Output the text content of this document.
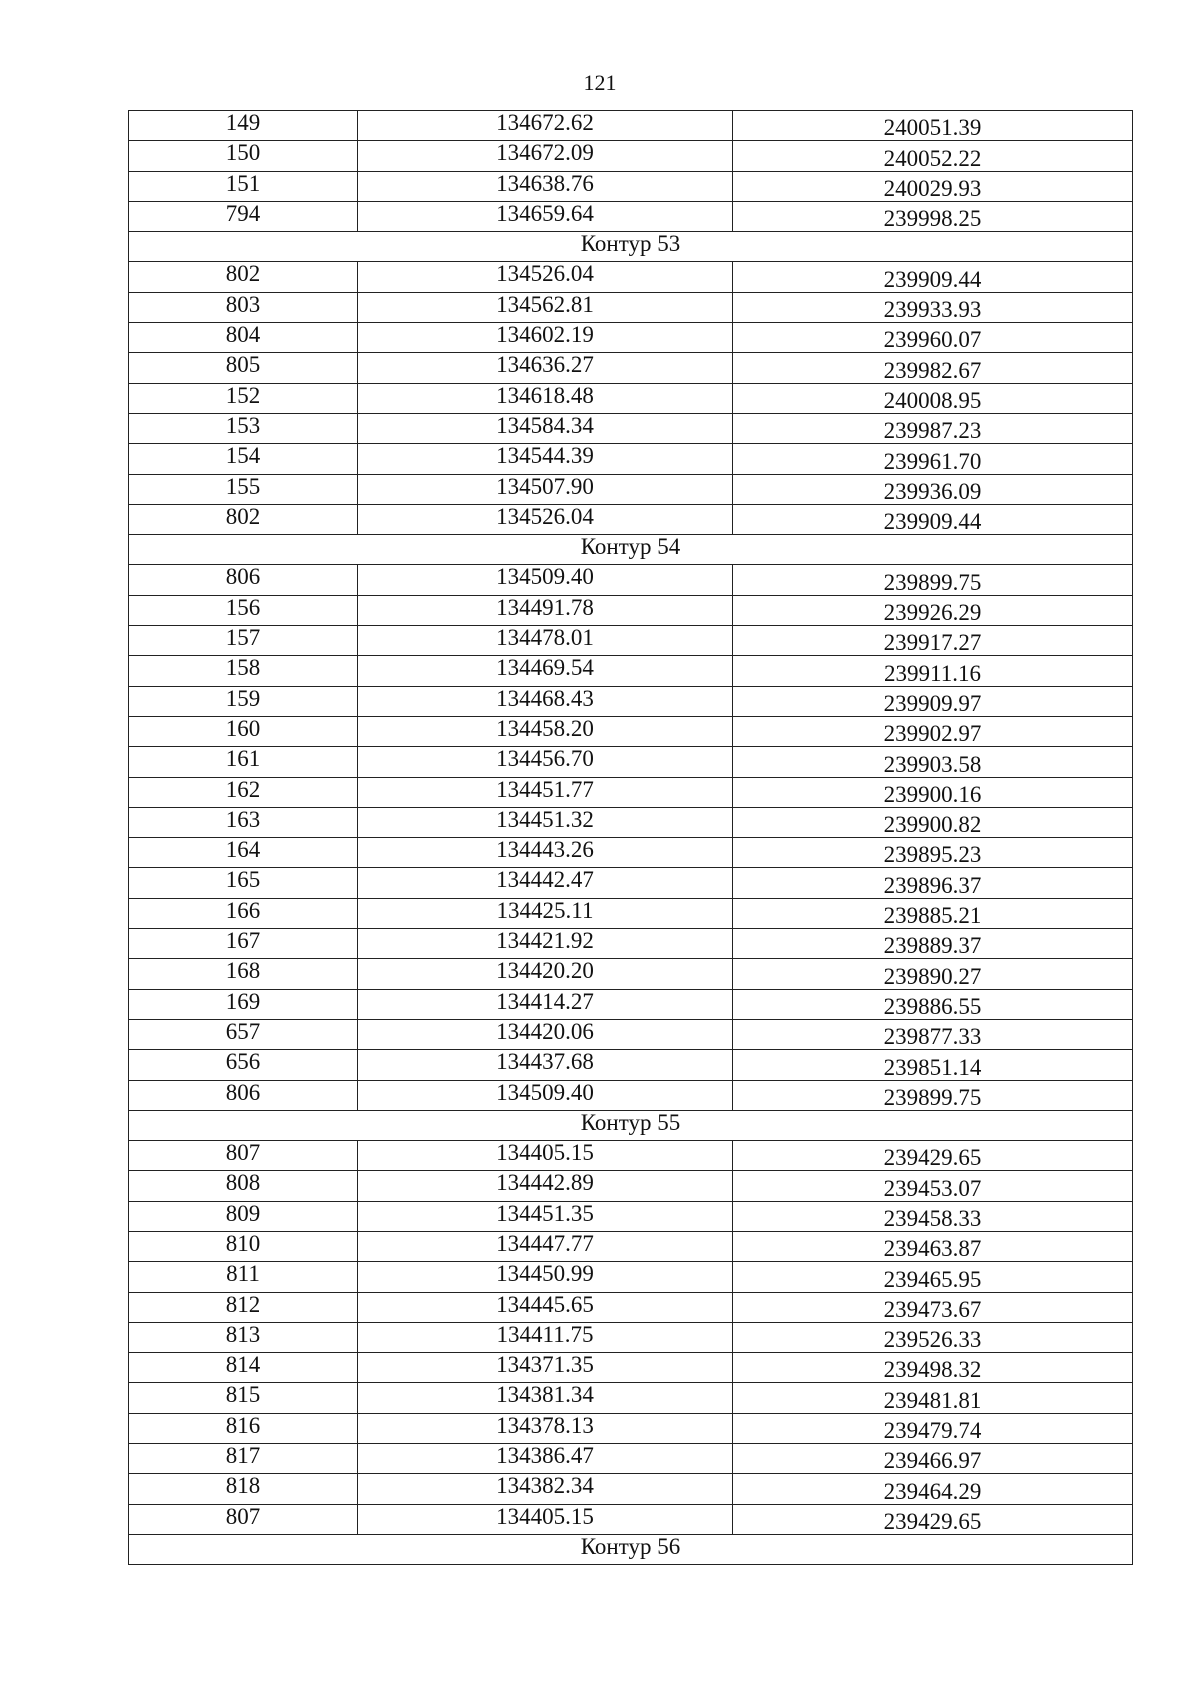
121
149	134672.62	240051.39
150	134672.09	240052.22
151	134638.76	240029.93
794	134659.64	239998.25
Контур 53		
802	134526.04	239909.44
803	134562.81	239933.93
804	134602.19	239960.07
805	134636.27	239982.67
152	134618.48	240008.95
153	134584.34	239987.23
154	134544.39	239961.70
155	134507.90	239936.09
802	134526.04	239909.44
Контур 54		
806	134509.40	239899.75
156	134491.78	239926.29
157	134478.01	239917.27
158	134469.54	239911.16
159	134468.43	239909.97
160	134458.20	239902.97
161	134456.70	239903.58
162	134451.77	239900.16
163	134451.32	239900.82
164	134443.26	239895.23
165	134442.47	239896.37
166	134425.11	239885.21
167	134421.92	239889.37
168	134420.20	239890.27
169	134414.27	239886.55
657	134420.06	239877.33
656	134437.68	239851.14
806	134509.40	239899.75
Контур 55		
807	134405.15	239429.65
808	134442.89	239453.07
809	134451.35	239458.33
810	134447.77	239463.87
811	134450.99	239465.95
812	134445.65	239473.67
813	134411.75	239526.33
814	134371.35	239498.32
815	134381.34	239481.81
816	134378.13	239479.74
817	134386.47	239466.97
818	134382.34	239464.29
807	134405.15	239429.65
Контур 56		
